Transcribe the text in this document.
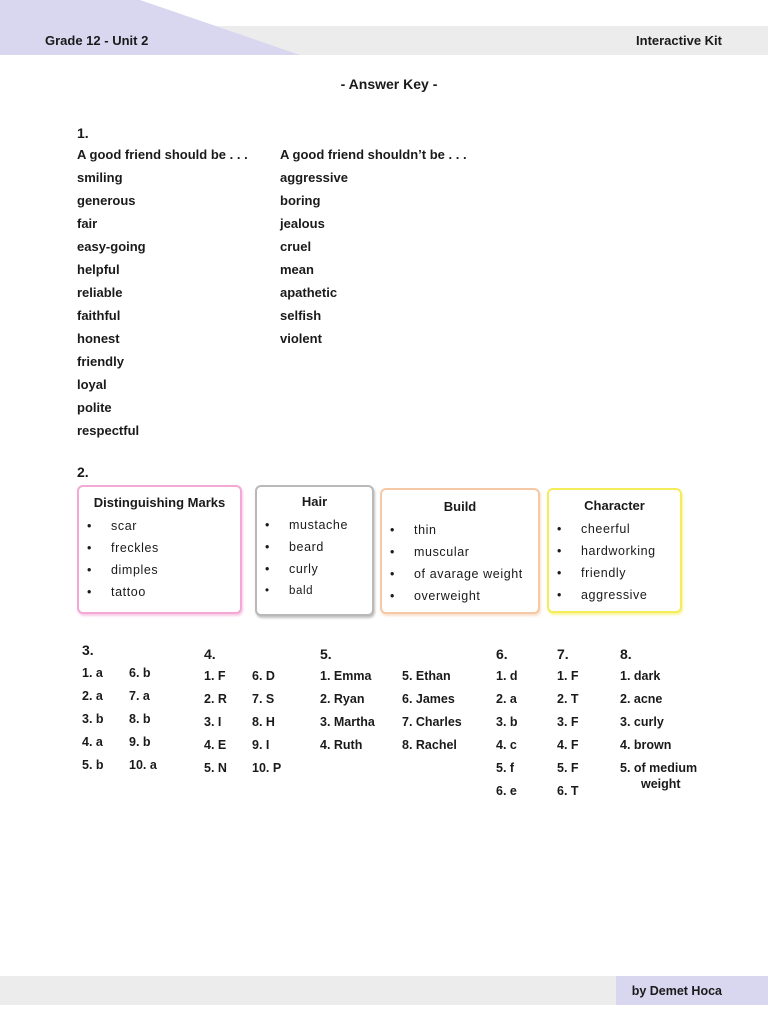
Grade 12 - Unit 2	Interactive Kit
- Answer Key -
1.
A good friend should be . . . A good friend shouldn’t be . . .
smiling
generous
fair
easy-going
helpful
reliable
faithful
honest
friendly
loyal
polite
respectful
aggressive
boring
jealous
cruel
mean
apathetic
selfish
violent
2.
Distinguishing Marks
• scar
• freckles
• dimples
• tattoo
Hair
• mustache
• beard
• curly
• bald
Build
• thin
• muscular
• of avarage weight
• overweight
Character
• cheerful
• hardworking
• friendly
• aggressive
3.
1. a
2. a
3. b
4. a
5. b
6. b
7. a
8. b
9. b
10. a
4.
1. F
2. R
3. I
4. E
5. N
6. D
7. S
8. H
9. I
10. P
5.
1. Emma
2. Ryan
3. Martha
4. Ruth
5. Ethan
6. James
7. Charles
8. Rachel
6.
1. d
2. a
3. b
4. c
5. f
6. e
7.
1. F
2. T
3. F
4. F
5. F
6. T
8.
1. dark
2. acne
3. curly
4. brown
5. of medium
weight
by Demet Hoca
